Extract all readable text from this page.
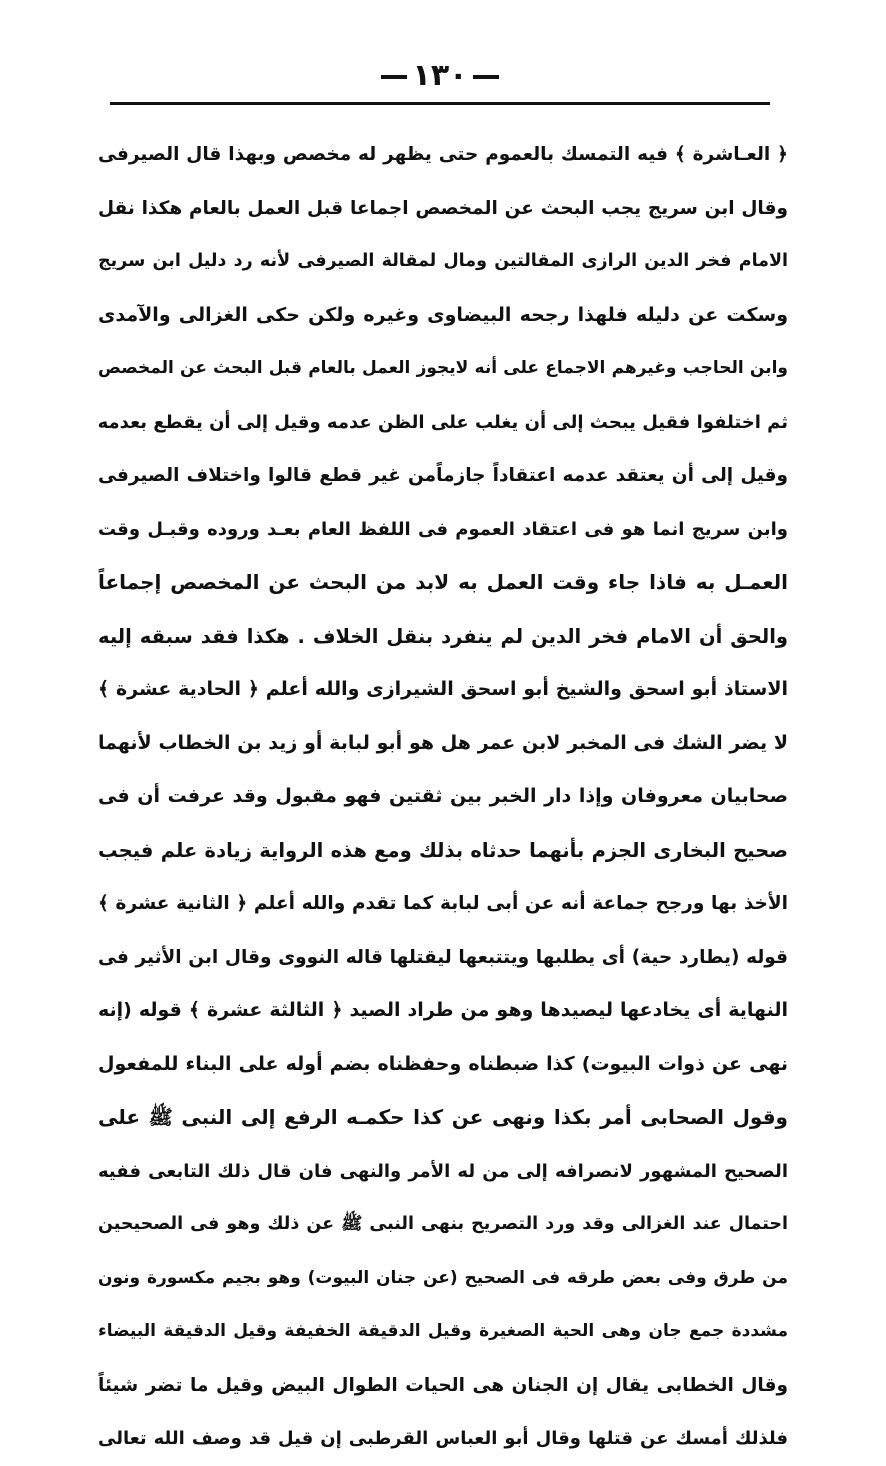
١٣٠
﴿ العـاشرة ﴾ فيه التمسك بالعموم حتى يظهر له مخصص وبهذا قال الصيرفى
وقال ابن سريج يجب البحث عن المخصص اجماعا قبل العمل بالعام هكذا نقل
الامام فخر الدين الرازى المقالتين ومال لمقالة الصيرفى لأنه رد دليل ابن سريج
وسكت عن دليله فلهذا رجحه البيضاوى وغيره ولكن حكى الغزالى والآمدى
وابن الحاجب وغيرهم الاجماع على أنه لايجوز العمل بالعام قبل البحث عن المخصص
ثم اختلفوا فقيل يبحث إلى أن يغلب على الظن عدمه وقيل إلى أن يقطع بعدمه
وقيل إلى أن يعتقد عدمه اعتقاداً جازماًمن غير قطع قالوا واختلاف الصيرفى
وابن سريج انما هو فى اعتقاد العموم فى اللفظ العام بعـد وروده وقبـل وقت
العمـل به فاذا جاء وقت العمل به لابد من البحث عن المخصص إجماعاً
والحق أن الامام فخر الدين لم ينفرد بنقل الخلاف . هكذا فقد سبقه إليه
الاستاذ أبو اسحق والشيخ أبو اسحق الشيرازى والله أعلم ﴿ الحادية عشرة ﴾
لا يضر الشك فى المخبر لابن عمر هل هو أبو لبابة أو زيد بن الخطاب لأنهما
صحابيان معروفان وإذا دار الخبر بين ثقتين فهو مقبول وقد عرفت أن فى
صحيح البخارى الجزم بأنهما حدثاه بذلك ومع هذه الرواية زيادة علم فيجب
الأخذ بها ورجح جماعة أنه عن أبى لبابة كما تقدم والله أعلم ﴿ الثانية عشرة ﴾
قوله (يطارد حية) أى يطلبها ويتتبعها ليقتلها قاله النووى وقال ابن الأثير فى
النهاية أى يخادعها ليصيدها وهو من طراد الصيد ﴿ الثالثة عشرة ﴾ قوله (إنه
نهى عن ذوات البيوت) كذا ضبطناه وحفظناه بضم أوله على البناء للمفعول
وقول الصحابى أمر بكذا ونهى عن كذا حكمـه الرفع إلى النبى ﷺ على
الصحيح المشهور لانصرافه إلى من له الأمر والنهى فان قال ذلك التابعى ففيه
احتمال عند الغزالى وقد ورد التصريح بنهى النبى ﷺ عن ذلك وهو فى الصحيحين
من طرق وفى بعض طرقه فى الصحيح (عن جنان البيوت) وهو بجيم مكسورة ونون
مشددة جمع جان وهى الحية الصغيرة وقيل الدقيقة الخفيفة وقيل الدقيقة البيضاء
وقال الخطابى يقال إن الجنان هى الحيات الطوال البيض وقيل ما تضر شيئاً
فلذلك أمسك عن قتلها وقال أبو العباس القرطبى إن قيل قد وصف الله تعالى
